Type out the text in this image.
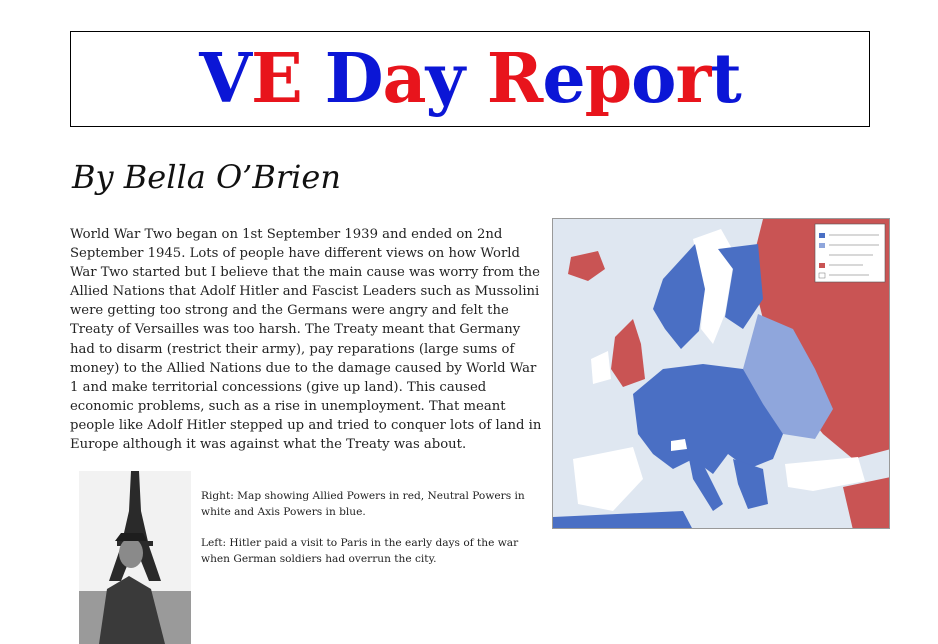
VE Day Report
By Bella O’Brien

World War Two began on 1st September 1939 and ended on 2nd September 1945. Lots of people have different views on how World War Two started but I believe that the main cause was worry from the Allied Nations that Adolf Hitler and Fascist Leaders such as Mussolini were getting too strong and the Germans were angry and felt the Treaty of Versailles was too harsh. The Treaty meant that Germany had to disarm (restrict their army), pay reparations (large sums of money) to the Allied Nations due to the damage caused by World War 1 and make territorial concessions (give up land). This caused economic problems, such as a rise in unemployment. That meant people like Adolf Hitler stepped up and tried to conquer lots of land in Europe although it was against what the Treaty was about.

Right: Map showing Allied Powers in red, Neutral Powers in white and Axis Powers in blue.

Left: Hitler paid a visit to Paris in the early days of the war when German soldiers had overrun the city.
